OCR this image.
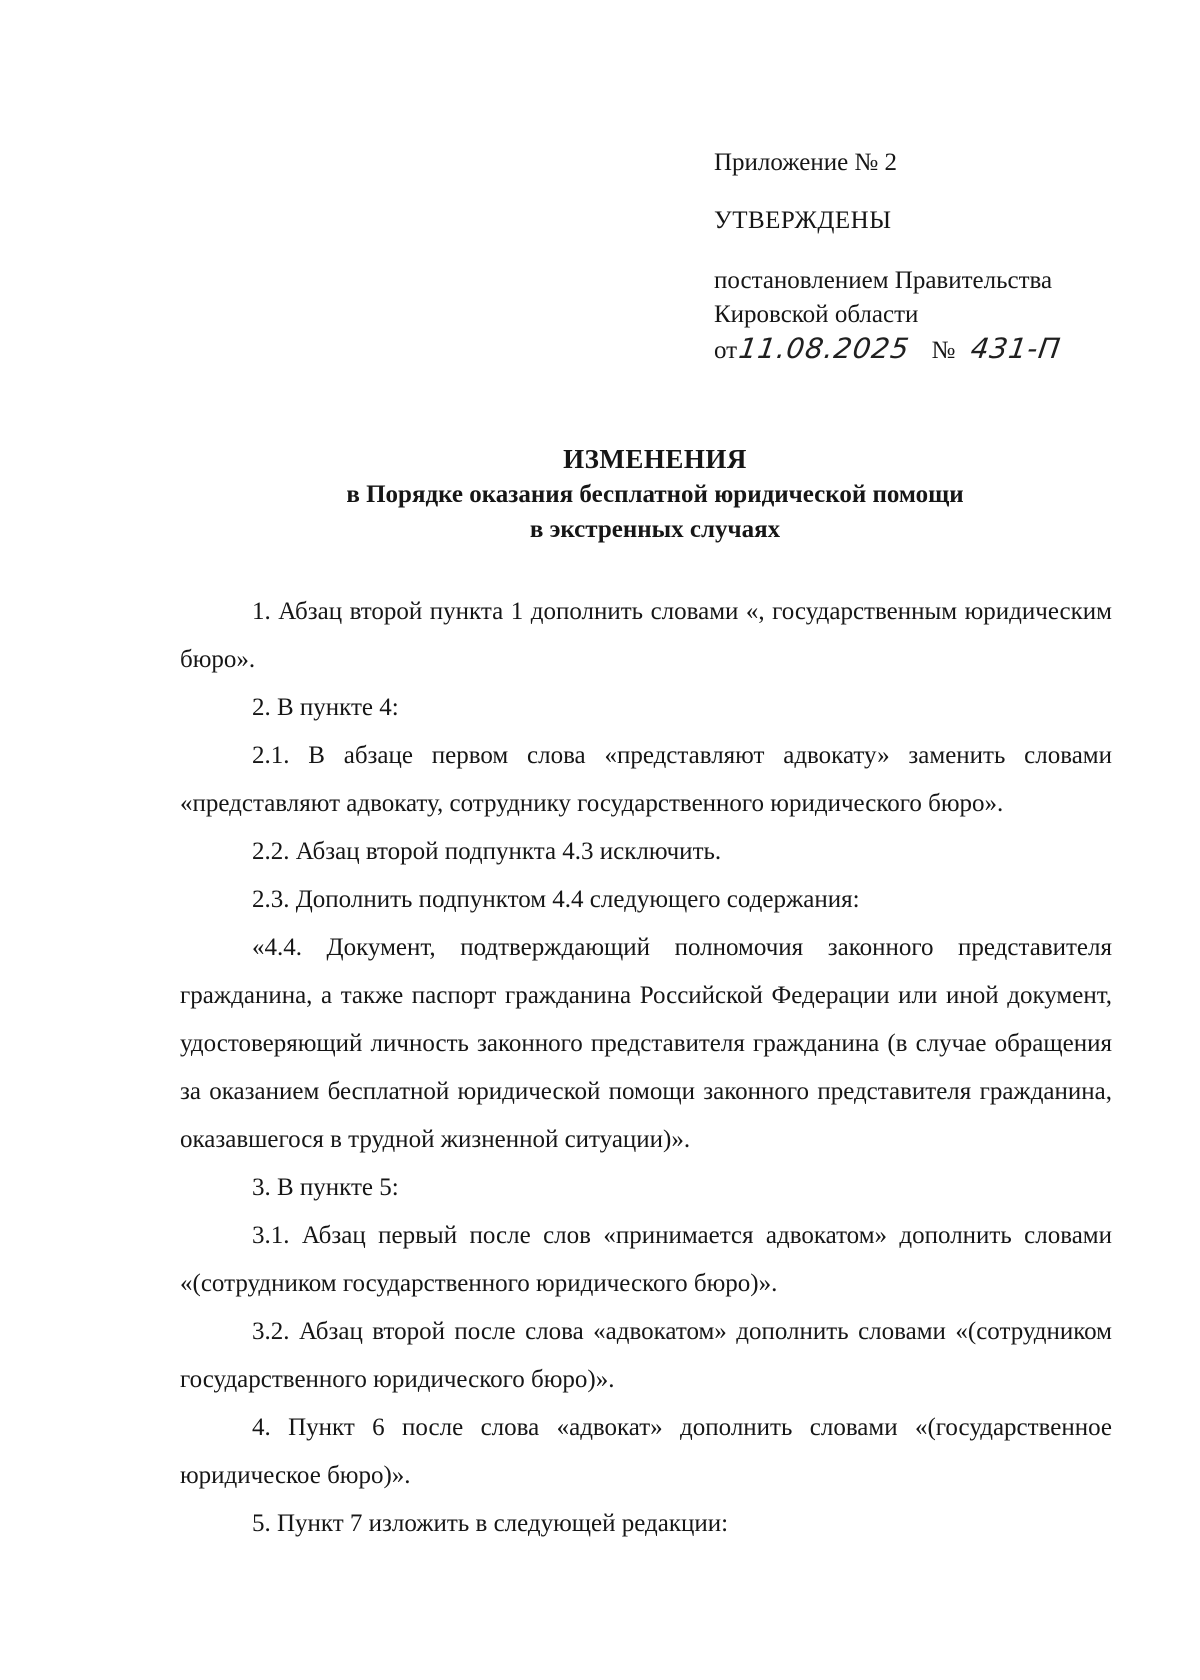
Приложение № 2

УТВЕРЖДЕНЫ

постановлением Правительства
Кировской области
от 11.08.2025 № 431-П
ИЗМЕНЕНИЯ
в Порядке оказания бесплатной юридической помощи
в экстренных случаях

1. Абзац второй пункта 1 дополнить словами «, государственным юридическим бюро».

2. В пункте 4:

2.1. В абзаце первом слова «представляют адвокату» заменить словами «представляют адвокату, сотруднику государственного юридического бюро».

2.2. Абзац второй подпункта 4.3 исключить.

2.3. Дополнить подпунктом 4.4 следующего содержания:

«4.4. Документ, подтверждающий полномочия законного представителя гражданина, а также паспорт гражданина Российской Федерации или иной документ, удостоверяющий личность законного представителя гражданина (в случае обращения за оказанием бесплатной юридической помощи законного представителя гражданина, оказавшегося в трудной жизненной ситуации)».

3. В пункте 5:

3.1. Абзац первый после слов «принимается адвокатом» дополнить словами «(сотрудником государственного юридического бюро)».

3.2. Абзац второй после слова «адвокатом» дополнить словами «(сотрудником государственного юридического бюро)».

4. Пункт 6 после слова «адвокат» дополнить словами «(государственное юридическое бюро)».

5. Пункт 7 изложить в следующей редакции:
